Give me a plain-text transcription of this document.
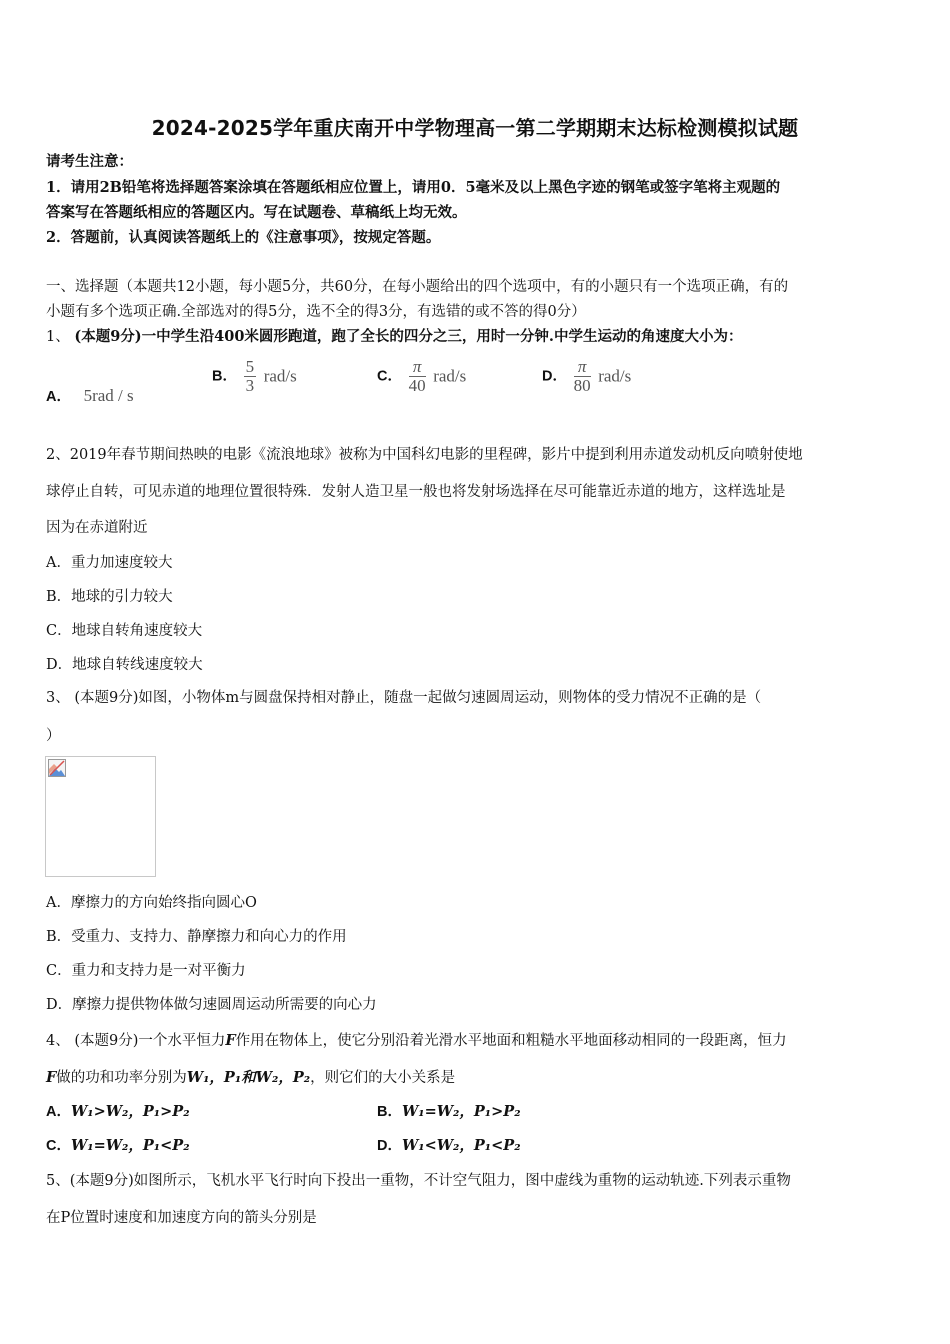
2024-2025学年重庆南开中学物理高一第二学期期末达标检测模拟试题
请考生注意：
1．请用2B铅笔将选择题答案涂填在答题纸相应位置上，请用0．5毫米及以上黑色字迹的钢笔或签字笔将主观题的
答案写在答题纸相应的答题区内。写在试题卷、草稿纸上均无效。
2．答题前，认真阅读答题纸上的《注意事项》，按规定答题。
一、选择题（本题共12小题，每小题5分，共60分，在每小题给出的四个选项中，有的小题只有一个选项正确，有的
小题有多个选项正确.全部选对的得5分，选不全的得3分，有选错的或不答的得0分）
1、 (本题9分)一中学生沿400米圆形跑道，跑了全长的四分之三，用时一分钟.中学生运动的角速度大小为：
A． 5rad / s
B． $\frac{5}{3} rad/s$	C． $\frac{\pi}{40} rad/s$	D． $\frac{\pi}{80} rad/s$
2、2019年春节期间热映的电影《流浪地球》被称为中国科幻电影的里程碑，影片中提到利用赤道发动机反向喷射使地
球停止自转，可见赤道的地理位置很特殊．发射人造卫星一般也将发射场选择在尽可能靠近赤道的地方，这样选址是
因为在赤道附近
A．重力加速度较大
B．地球的引力较大
C．地球自转角速度较大
D．地球自转线速度较大
3、 (本题9分)如图，小物体m与圆盘保持相对静止，随盘一起做匀速圆周运动，则物体的受力情况不正确的是（
）
A．摩擦力的方向始终指向圆心O
B．受重力、支持力、静摩擦力和向心力的作用
C．重力和支持力是一对平衡力
D．摩擦力提供物体做匀速圆周运动所需要的向心力
4、 (本题9分)一个水平恒力F作用在物体上，使它分别沿着光滑水平地面和粗糙水平地面移动相同的一段距离，恒力
F做的功和功率分别为W₁，P₁和W₂，P₂，则它们的大小关系是
A．W₁>W₂，P₁>P₂	B．W₁=W₂，P₁>P₂
C．W₁=W₂，P₁<P₂	D．W₁<W₂，P₁<P₂
5、(本题9分)如图所示，飞机水平飞行时向下投出一重物，不计空气阻力，图中虚线为重物的运动轨迹.下列表示重物
在P位置时速度和加速度方向的箭头分别是
